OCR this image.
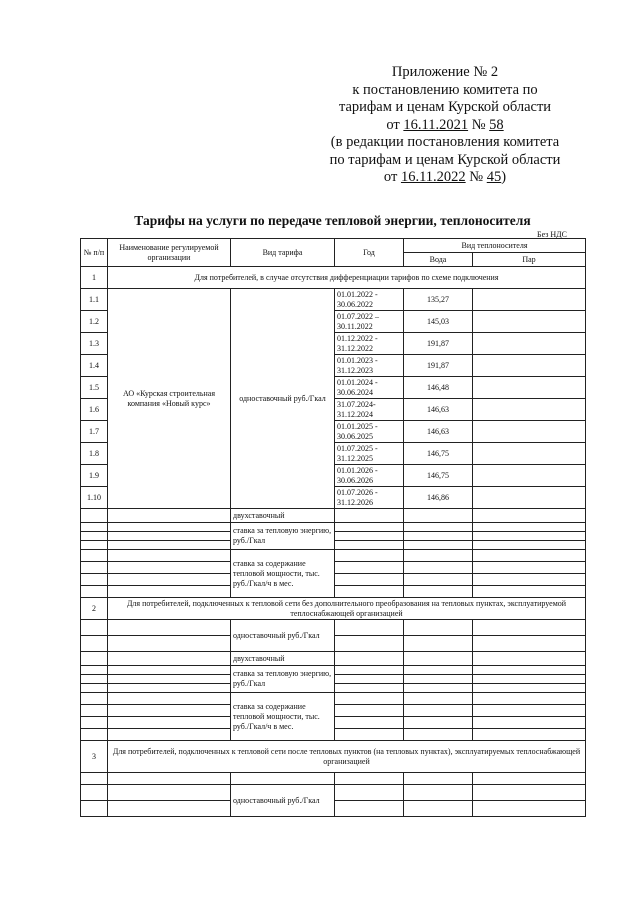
Приложение № 2
к постановлению комитета по
тарифам и ценам Курской области
от 16.11.2021 № 58
(в редакции постановления комитета
по тарифам и ценам Курской области
от 16.11.2022 № 45)
Тарифы на услуги по передаче тепловой энергии, теплоносителя
Без НДС
№ п/п	Наименование регулируемой организации	Вид тарифа	Год	Вид теплоносителя	
				Вода	Пар
1	Для потребителей, в случае отсутствия дифференциации тарифов по схеме подключения				
1.1	АО «Курская строительная компания «Новый курс»	одноставочный руб./Гкал	01.01.2022 - 30.06.2022	135,27	
1.2			01.07.2022 – 30.11.2022	145,03	
1.3			01.12.2022 - 31.12.2022	191,87	
1.4			01.01.2023 - 31.12.2023	191,87	
1.5			01.01.2024 - 30.06.2024	146,48	
1.6			31.07.2024- 31.12.2024	146,63	
1.7			01.01.2025 - 30.06.2025	146,63	
1.8			01.07.2025 - 31.12.2025	146,75	
1.9			01.01.2026 - 30.06.2026	146,75	
1.10			01.07.2026 - 31.12.2026	146,86	
		двухставочный			
		ставка за тепловую энергию, руб./Гкал			

		ставка за содержание тепловой мощности, тыс. руб./Гкал/ч в мес.			

2	Для потребителей, подключенных к тепловой сети без дополнительного преобразования на тепловых пунктах, эксплуатируемой теплоснабжающей организацией				
		одноставочный руб./Гкал			

		двухставочный			
		ставка за тепловую энергию, руб./Гкал			

		ставка за содержание тепловой мощности, тыс. руб./Гкал/ч в мес.			

3	Для потребителей, подключенных к тепловой сети после тепловых пунктов (на тепловых пунктах), эксплуатируемых теплоснабжающей организацией				

		одноставочный руб./Гкал			
